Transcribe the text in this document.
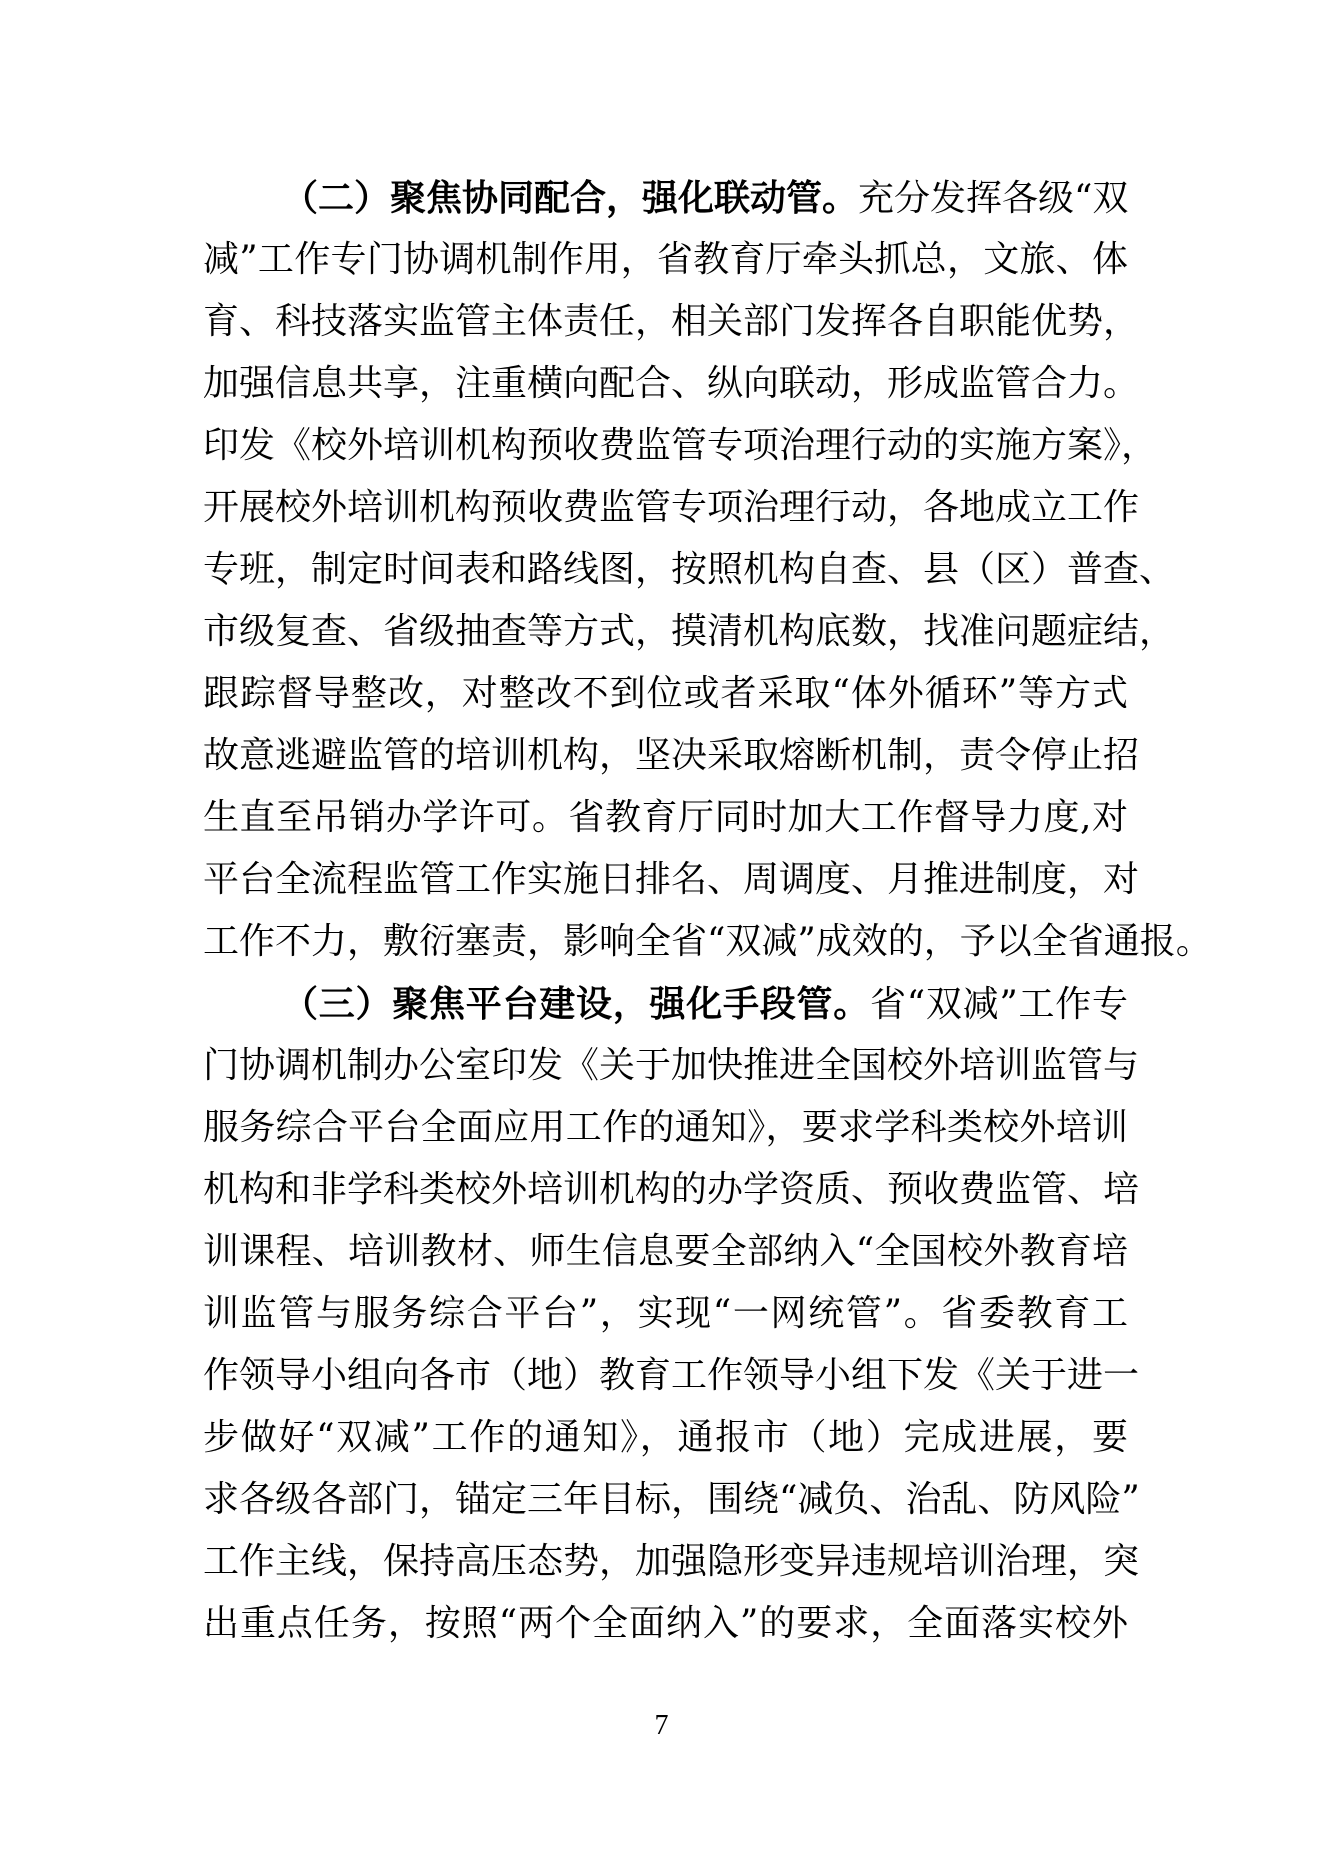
（二）聚焦协同配合，强化联动管。充分发挥各级“双
减”工作专门协调机制作用，省教育厅牵头抓总，文旅、体
育、科技落实监管主体责任，相关部门发挥各自职能优势，
加强信息共享，注重横向配合、纵向联动，形成监管合力。
印发《校外培训机构预收费监管专项治理行动的实施方案》，
开展校外培训机构预收费监管专项治理行动，各地成立工作
专班，制定时间表和路线图，按照机构自查、县（区）普查、
市级复查、省级抽查等方式，摸清机构底数，找准问题症结，
跟踪督导整改，对整改不到位或者采取“体外循环”等方式
故意逃避监管的培训机构，坚决采取熔断机制，责令停止招
生直至吊销办学许可。省教育厅同时加大工作督导力度,对
平台全流程监管工作实施日排名、周调度、月推进制度，对
工作不力，敷衍塞责，影响全省“双减”成效的，予以全省通报。
（三）聚焦平台建设，强化手段管。省“双减”工作专
门协调机制办公室印发《关于加快推进全国校外培训监管与
服务综合平台全面应用工作的通知》，要求学科类校外培训
机构和非学科类校外培训机构的办学资质、预收费监管、培
训课程、培训教材、师生信息要全部纳入“全国校外教育培
训监管与服务综合平台”，实现“一网统管”。省委教育工
作领导小组向各市（地）教育工作领导小组下发《关于进一
步做好“双减”工作的通知》，通报市（地）完成进展，要
求各级各部门，锚定三年目标，围绕“减负、治乱、防风险”
工作主线，保持高压态势，加强隐形变异违规培训治理，突
出重点任务，按照“两个全面纳入”的要求，全面落实校外
7
